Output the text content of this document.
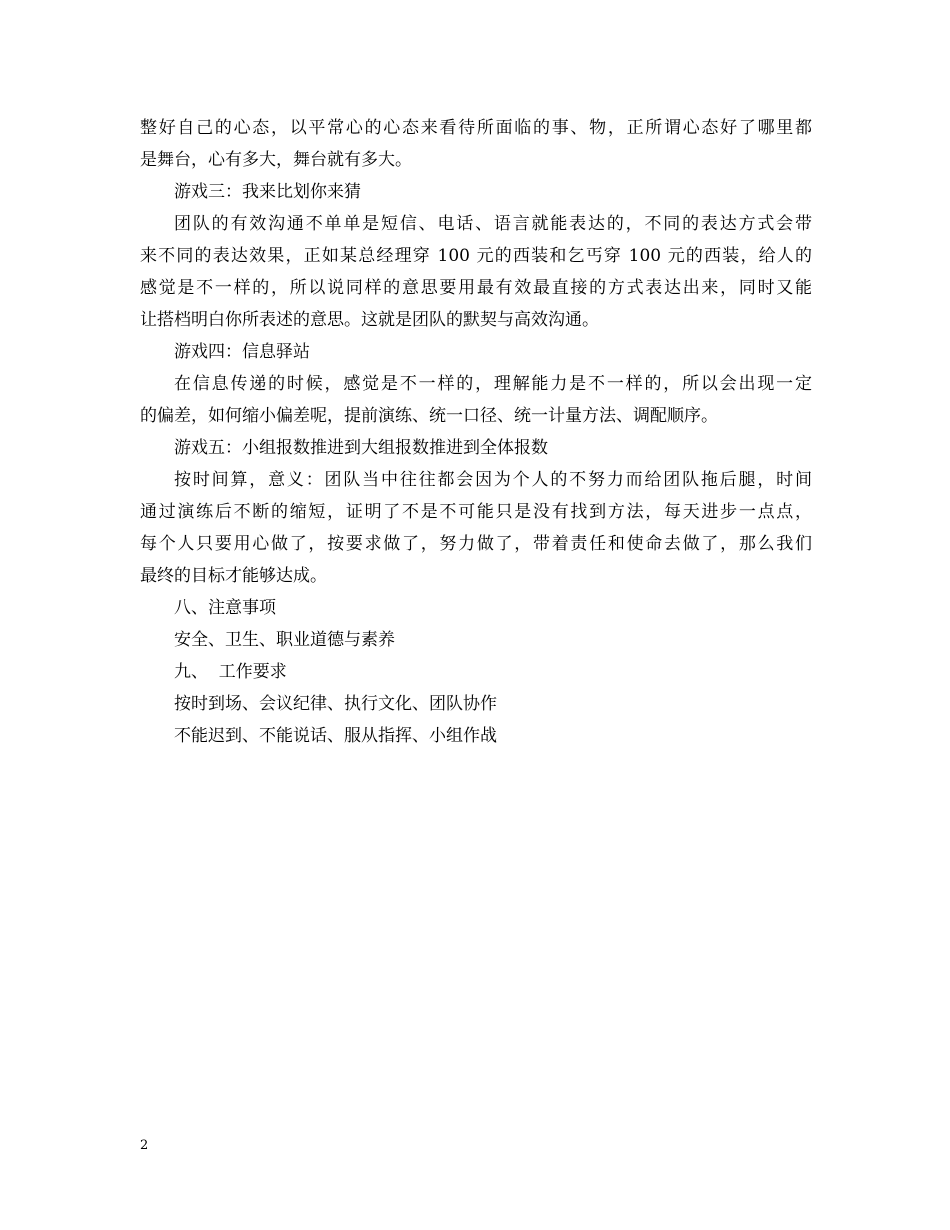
整好自己的心态，以平常心的心态来看待所面临的事、物，正所谓心态好了哪里都
是舞台，心有多大，舞台就有多大。
游戏三：我来比划你来猜
团队的有效沟通不单单是短信、电话、语言就能表达的，不同的表达方式会带
来不同的表达效果，正如某总经理穿 100 元的西装和乞丐穿 100 元的西装，给人的
感觉是不一样的，所以说同样的意思要用最有效最直接的方式表达出来，同时又能
让搭档明白你所表述的意思。这就是团队的默契与高效沟通。
游戏四：信息驿站
在信息传递的时候，感觉是不一样的，理解能力是不一样的，所以会出现一定
的偏差，如何缩小偏差呢，提前演练、统一口径、统一计量方法、调配顺序。
游戏五：小组报数推进到大组报数推进到全体报数
按时间算，意义：团队当中往往都会因为个人的不努力而给团队拖后腿，时间
通过演练后不断的缩短，证明了不是不可能只是没有找到方法，每天进步一点点，
每个人只要用心做了，按要求做了，努力做了，带着责任和使命去做了，那么我们
最终的目标才能够达成。
八、注意事项
安全、卫生、职业道德与素养
九、  工作要求
按时到场、会议纪律、执行文化、团队协作
不能迟到、不能说话、服从指挥、小组作战
2
